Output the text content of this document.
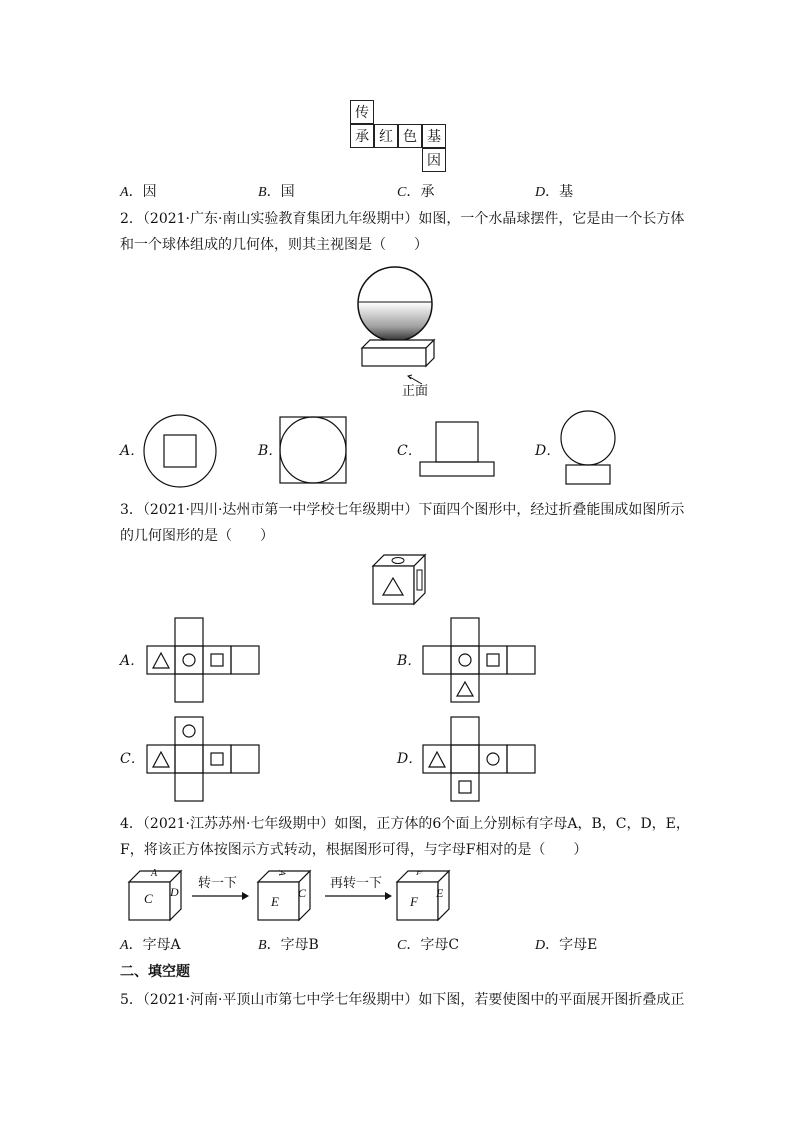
传
承 红 色 基
因
A．因	B．国	C．承	D．基
2．（2021·广东·南山实验教育集团九年级期中）如图，一个水晶球摆件，它是由一个长方体
和一个球体组成的几何体，则其主视图是（　　）
正面
A．	B．	C．	D．
3．（2021·四川·达州市第一中学校七年级期中）下面四个图形中，经过折叠能围成如图所示
的几何图形的是（　　）
A．	B．
C．	D．
4．（2021·江苏苏州·七年级期中）如图，正方体的6个面上分别标有字母A，B，C，D，E，
F，将该正方体按图示方式转动，根据图形可得，与字母F相对的是（　　）
A
C D
转一下
A
E
C
再转一下
F
F
E
A．字母A	B．字母B	C．字母C	D．字母E
二、填空题
5．（2021·河南·平顶山市第七中学七年级期中）如下图，若要使图中的平面展开图折叠成正
